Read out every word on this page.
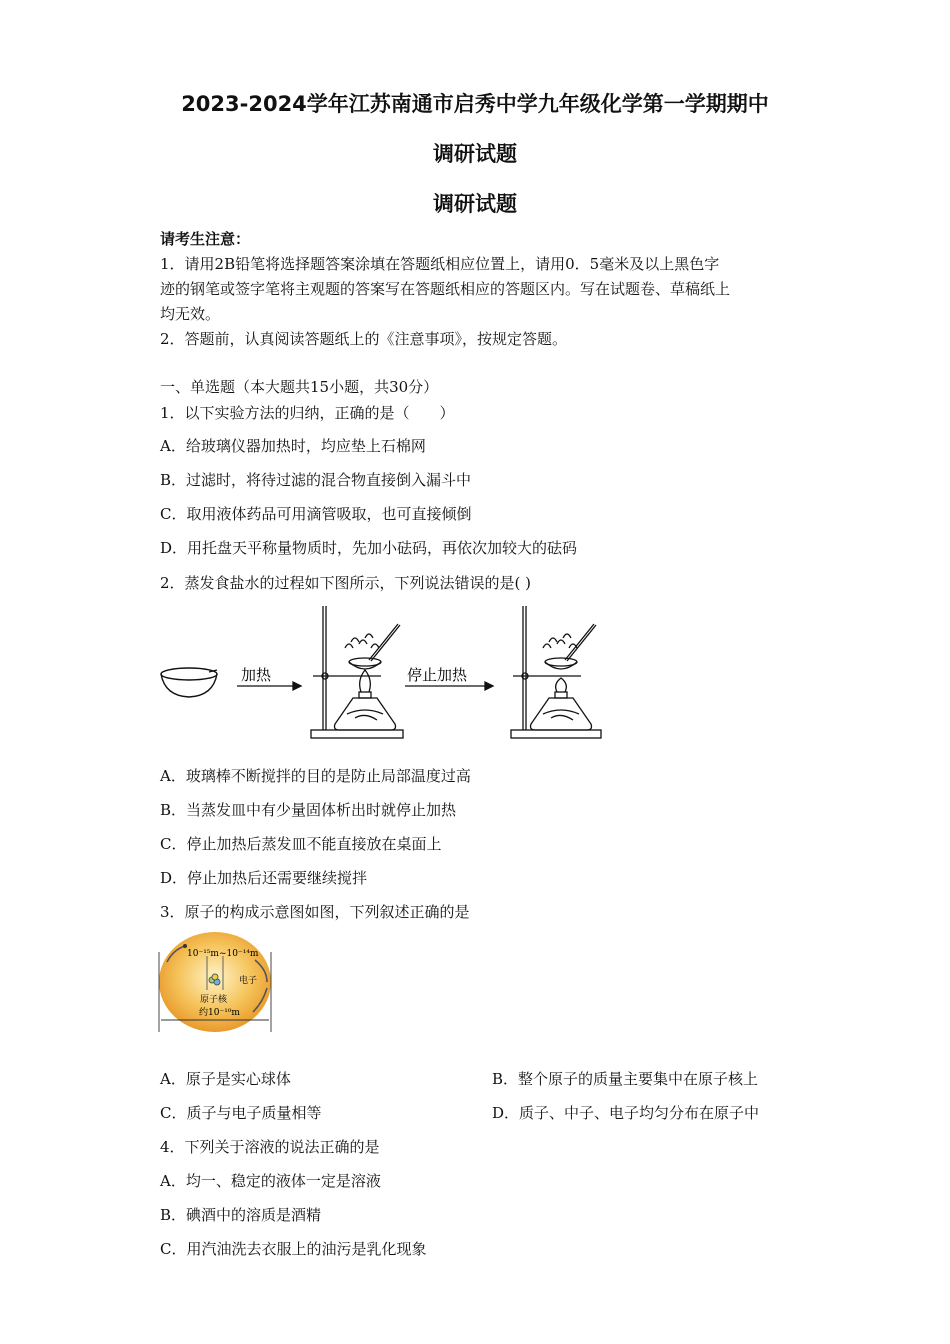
2023-2024学年江苏南通市启秀中学九年级化学第一学期期中
调研试题
调研试题
请考生注意：
1．请用2B铅笔将选择题答案涂填在答题纸相应位置上，请用0．5毫米及以上黑色字
迹的钢笔或签字笔将主观题的答案写在答题纸相应的答题区内。写在试题卷、草稿纸上
均无效。
2．答题前，认真阅读答题纸上的《注意事项》，按规定答题。
一、单选题（本大题共15小题，共30分）
1．以下实验方法的归纳，正确的是（　　）
A．给玻璃仪器加热时，均应垫上石棉网
B．过滤时，将待过滤的混合物直接倒入漏斗中
C．取用液体药品可用滴管吸取，也可直接倾倒
D．用托盘天平称量物质时，先加小砝码，再依次加较大的砝码
2．蒸发食盐水的过程如下图所示，下列说法错误的是( )
加热	停止加热
A．玻璃棒不断搅拌的目的是防止局部温度过高
B．当蒸发皿中有少量固体析出时就停止加热
C．停止加热后蒸发皿不能直接放在桌面上
D．停止加热后还需要继续搅拌
3．原子的构成示意图如图，下列叙述正确的是
10⁻¹⁵m~10⁻¹⁴m
电子
原子核
约10⁻¹⁰m
A．原子是实心球体	B．整个原子的质量主要集中在原子核上
C．质子与电子质量相等	D．质子、中子、电子均匀分布在原子中
4．下列关于溶液的说法正确的是
A．均一、稳定的液体一定是溶液
B．碘酒中的溶质是酒精
C．用汽油洗去衣服上的油污是乳化现象
